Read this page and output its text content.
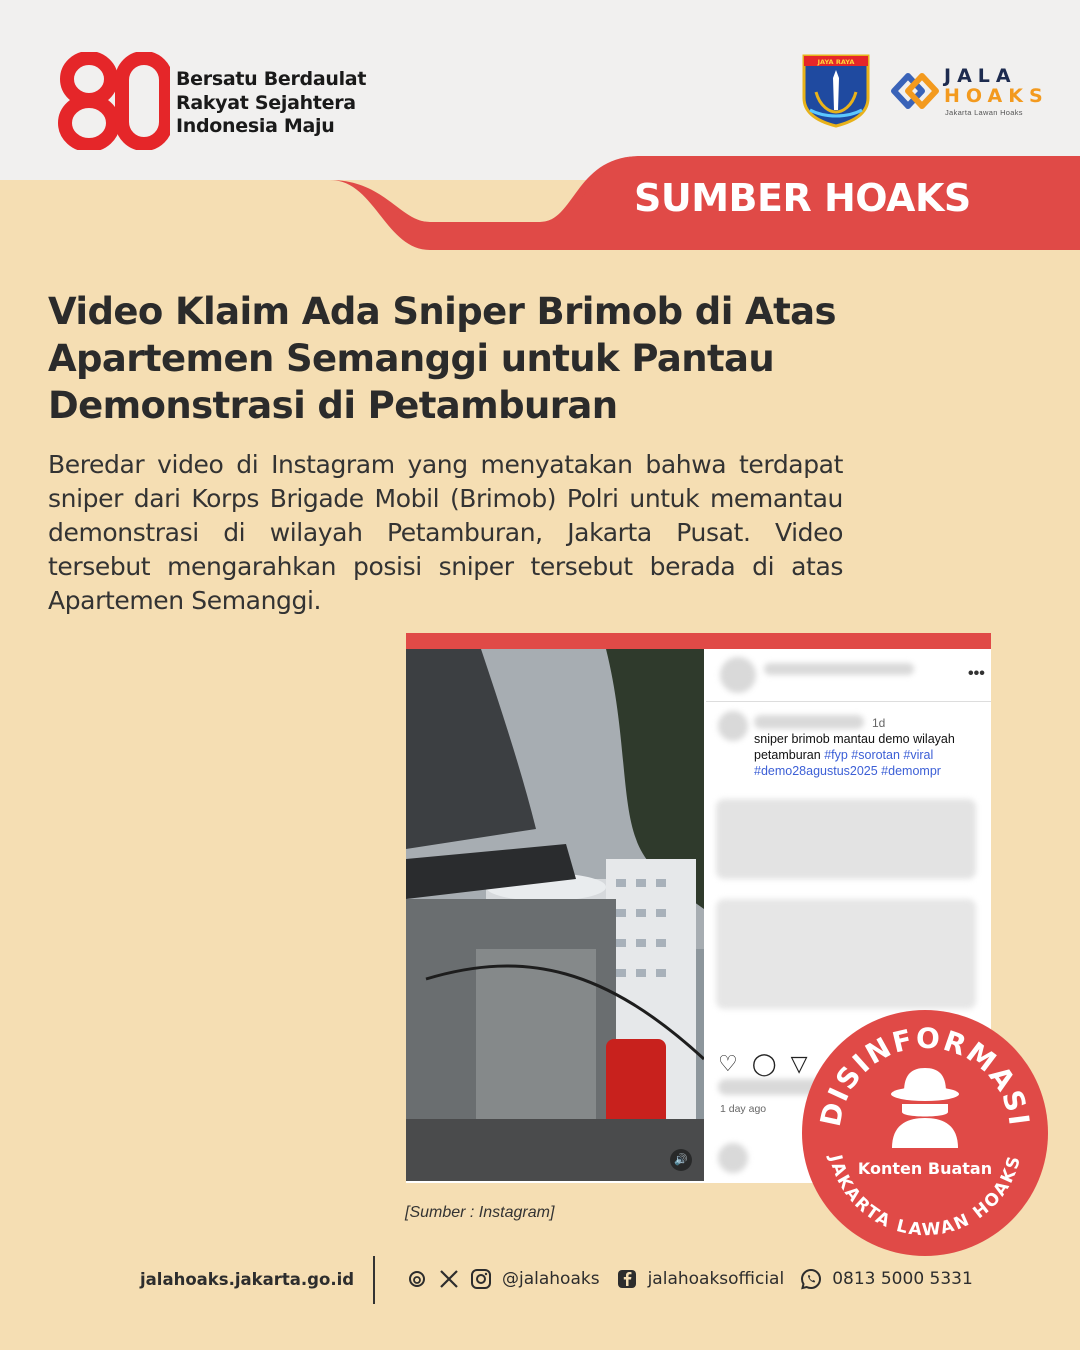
80
Bersatu Berdaulat
Rakyat Sejahtera
Indonesia Maju
JAYA RAYA
JALA
HOAKS
Jakarta Lawan Hoaks
SUMBER HOAKS
Video Klaim Ada Sniper Brimob di Atas Apartemen Semanggi untuk Pantau Demonstrasi di Petamburan

Beredar video di Instagram yang menyatakan bahwa terdapat sniper dari Korps Brigade Mobil (Brimob) Polri untuk memantau demonstrasi di wilayah Petamburan, Jakarta Pusat. Video tersebut mengarahkan posisi sniper tersebut berada di atas Apartemen Semanggi.

🔊
•••
1d
sniper brimob mantau demo wilayah petamburan #fyp #sorotan #viral #demo28agustus2025 #demompr
♡ ◯ ▽
1 day ago
[Sumber : Instagram]
DISINFORMASI
JAKARTA LAWAN HOAKS
Konten Buatan
jalahoaks.jakarta.go.id	@jalahoaks	jalahoaksofficial	0813 5000 5331
